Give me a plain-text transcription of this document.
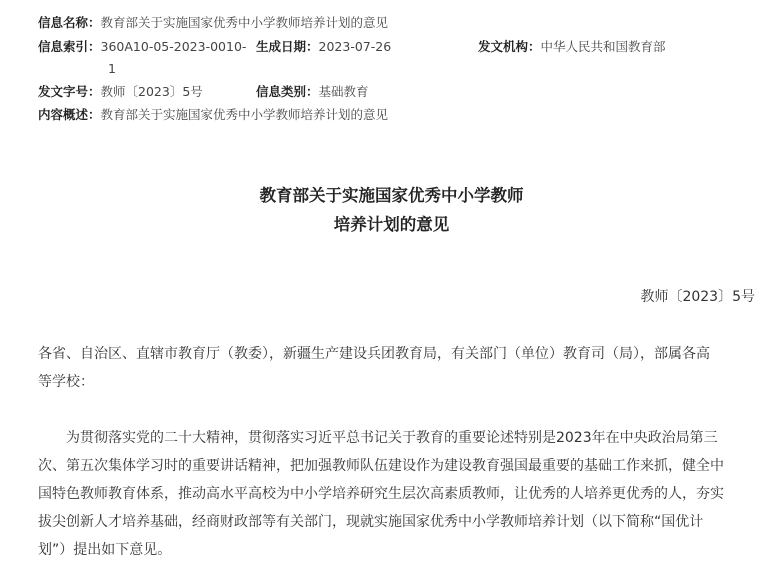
信息名称：教育部关于实施国家优秀中小学教师培养计划的意见
信息索引：360A10-05-2023-0010-
1
生成日期：2023-07-26	发文机构：中华人民共和国教育部
发文字号：教师〔2023〕5号	信息类别：基础教育
内容概述：教育部关于实施国家优秀中小学教师培养计划的意见
教育部关于实施国家优秀中小学教师
培养计划的意见
教师〔2023〕5号
各省、自治区、直辖市教育厅（教委），新疆生产建设兵团教育局，有关部门（单位）教育司（局），部属各高
等学校：
　　为贯彻落实党的二十大精神，贯彻落实习近平总书记关于教育的重要论述特别是2023年在中央政治局第三
次、第五次集体学习时的重要讲话精神，把加强教师队伍建设作为建设教育强国最重要的基础工作来抓，健全中
国特色教师教育体系，推动高水平高校为中小学培养研究生层次高素质教师，让优秀的人培养更优秀的人，夯实
拔尖创新人才培养基础，经商财政部等有关部门，现就实施国家优秀中小学教师培养计划（以下简称“国优计
划”）提出如下意见。
